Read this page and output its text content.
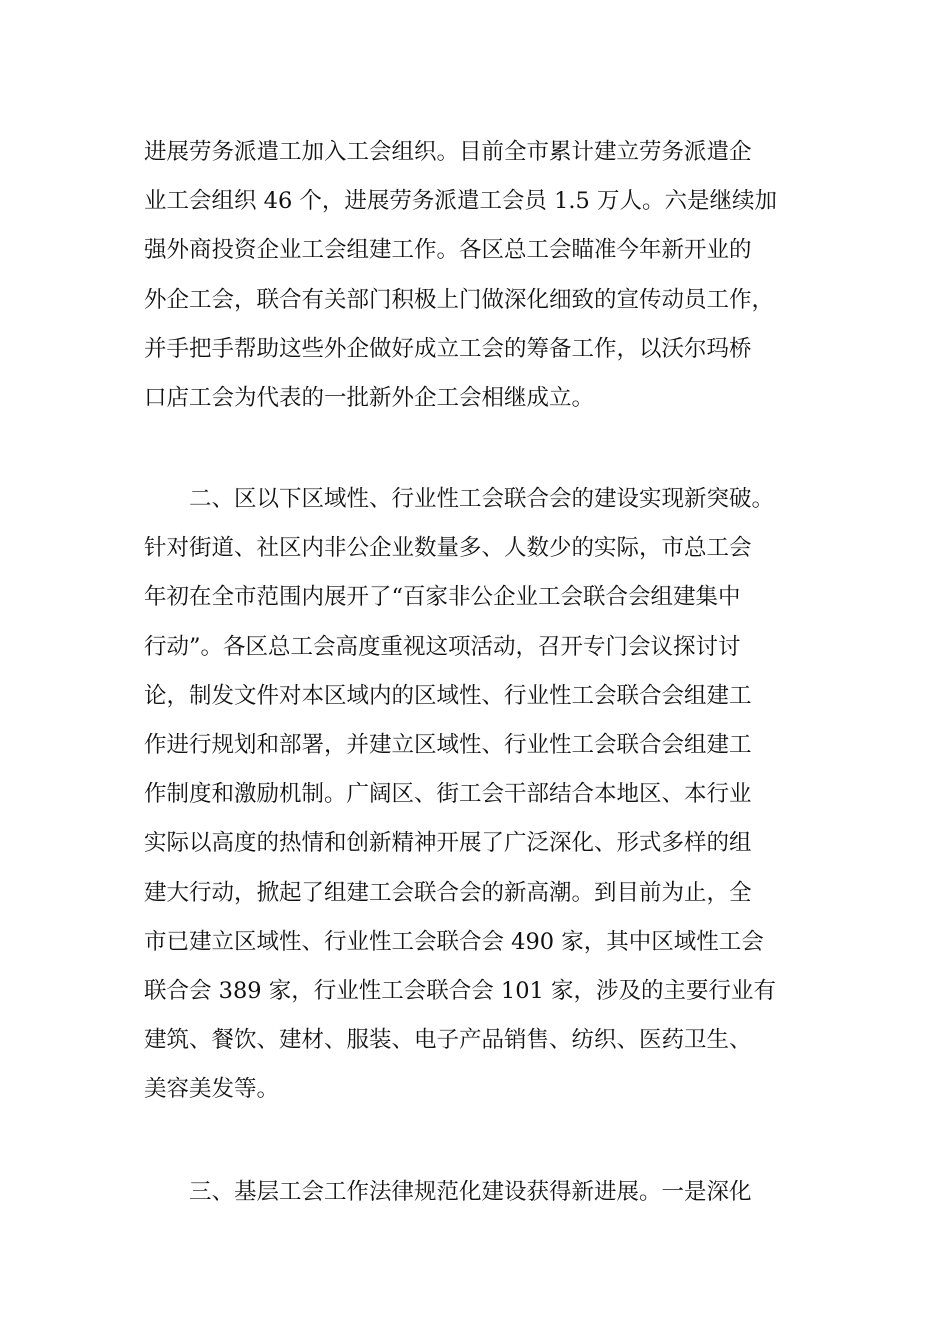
进展劳务派遣工加入工会组织。目前全市累计建立劳务派遣企
业工会组织 46 个，进展劳务派遣工会员 1.5 万人。六是继续加
强外商投资企业工会组建工作。各区总工会瞄准今年新开业的
外企工会，联合有关部门积极上门做深化细致的宣传动员工作，
并手把手帮助这些外企做好成立工会的筹备工作，以沃尔玛桥
口店工会为代表的一批新外企工会相继成立。
二、区以下区域性、行业性工会联合会的建设实现新突破。
针对街道、社区内非公企业数量多、人数少的实际，市总工会
年初在全市范围内展开了“百家非公企业工会联合会组建集中
行动”。各区总工会高度重视这项活动，召开专门会议探讨讨
论，制发文件对本区域内的区域性、行业性工会联合会组建工
作进行规划和部署，并建立区域性、行业性工会联合会组建工
作制度和激励机制。广阔区、街工会干部结合本地区、本行业
实际以高度的热情和创新精神开展了广泛深化、形式多样的组
建大行动，掀起了组建工会联合会的新高潮。到目前为止，全
市已建立区域性、行业性工会联合会 490 家，其中区域性工会
联合会 389 家，行业性工会联合会 101 家，涉及的主要行业有
建筑、餐饮、建材、服装、电子产品销售、纺织、医药卫生、
美容美发等。
三、基层工会工作法律规范化建设获得新进展。一是深化
